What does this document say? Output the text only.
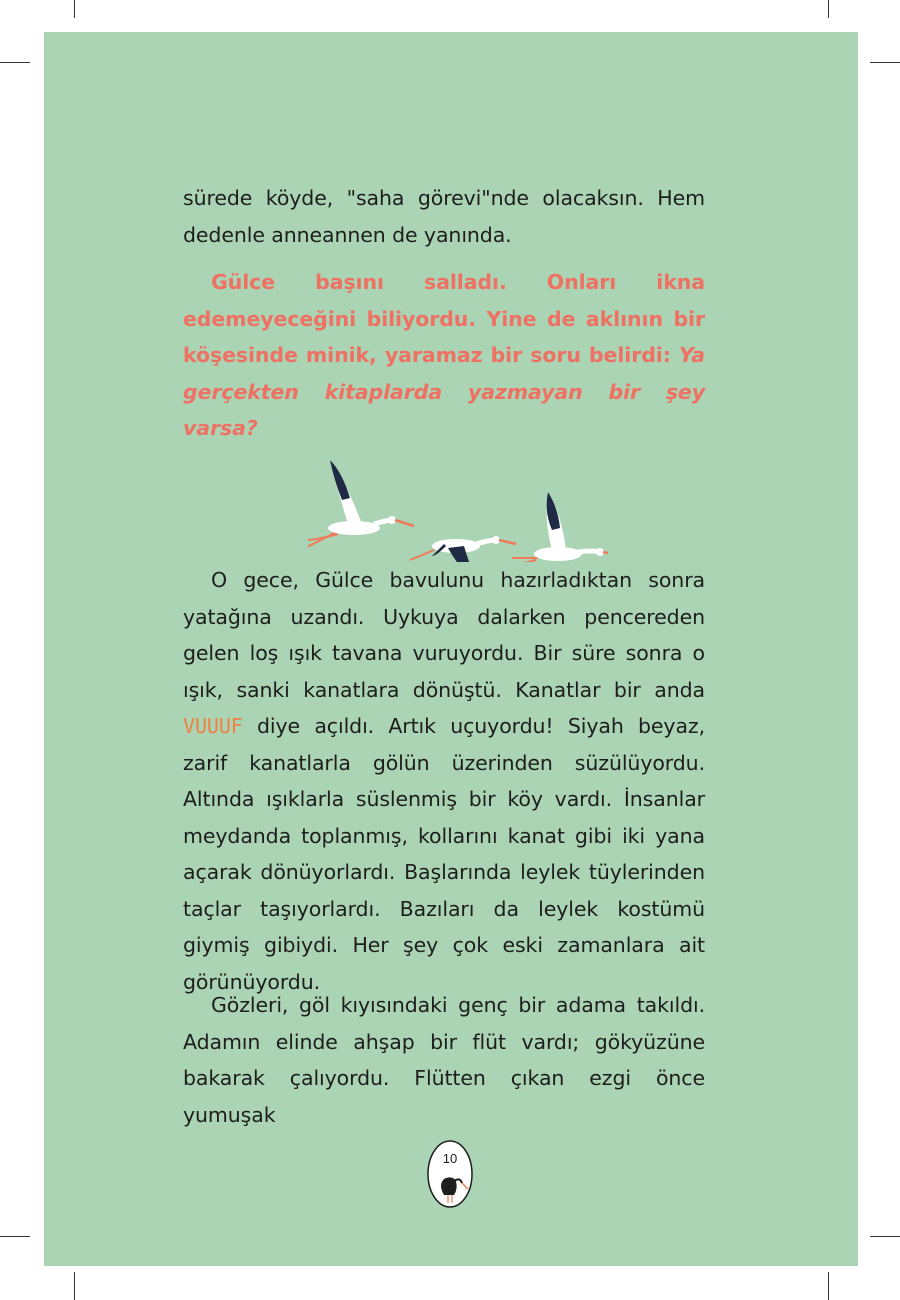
sürede köyde, "saha görevi"nde olacaksın. Hem dedenle anneannen de yanında.

Gülce başını salladı. Onları ikna edemeyeceğini biliyordu. Yine de aklının bir köşesinde minik, yaramaz bir soru belirdi: Ya gerçekten kitaplarda yazmayan bir şey varsa?

O gece, Gülce bavulunu hazırladıktan sonra yatağına uzandı. Uykuya dalarken pencereden gelen loş ışık tavana vuruyordu. Bir süre sonra o ışık, sanki kanatlara dönüştü. Kanatlar bir anda VUUUF diye açıldı. Artık uçuyordu! Siyah beyaz, zarif kanatlarla gölün üzerinden süzülüyordu. Altında ışıklarla süslenmiş bir köy vardı. İnsanlar meydanda toplanmış, kollarını kanat gibi iki yana açarak dönüyorlardı. Başlarında leylek tüylerinden taçlar taşıyorlardı. Bazıları da leylek kostümü giymiş gibiydi. Her şey çok eski zamanlara ait görünüyordu.

Gözleri, göl kıyısındaki genç bir adama takıldı. Adamın elinde ahşap bir flüt vardı; gökyüzüne bakarak çalıyordu. Flütten çıkan ezgi önce yumuşak

10
